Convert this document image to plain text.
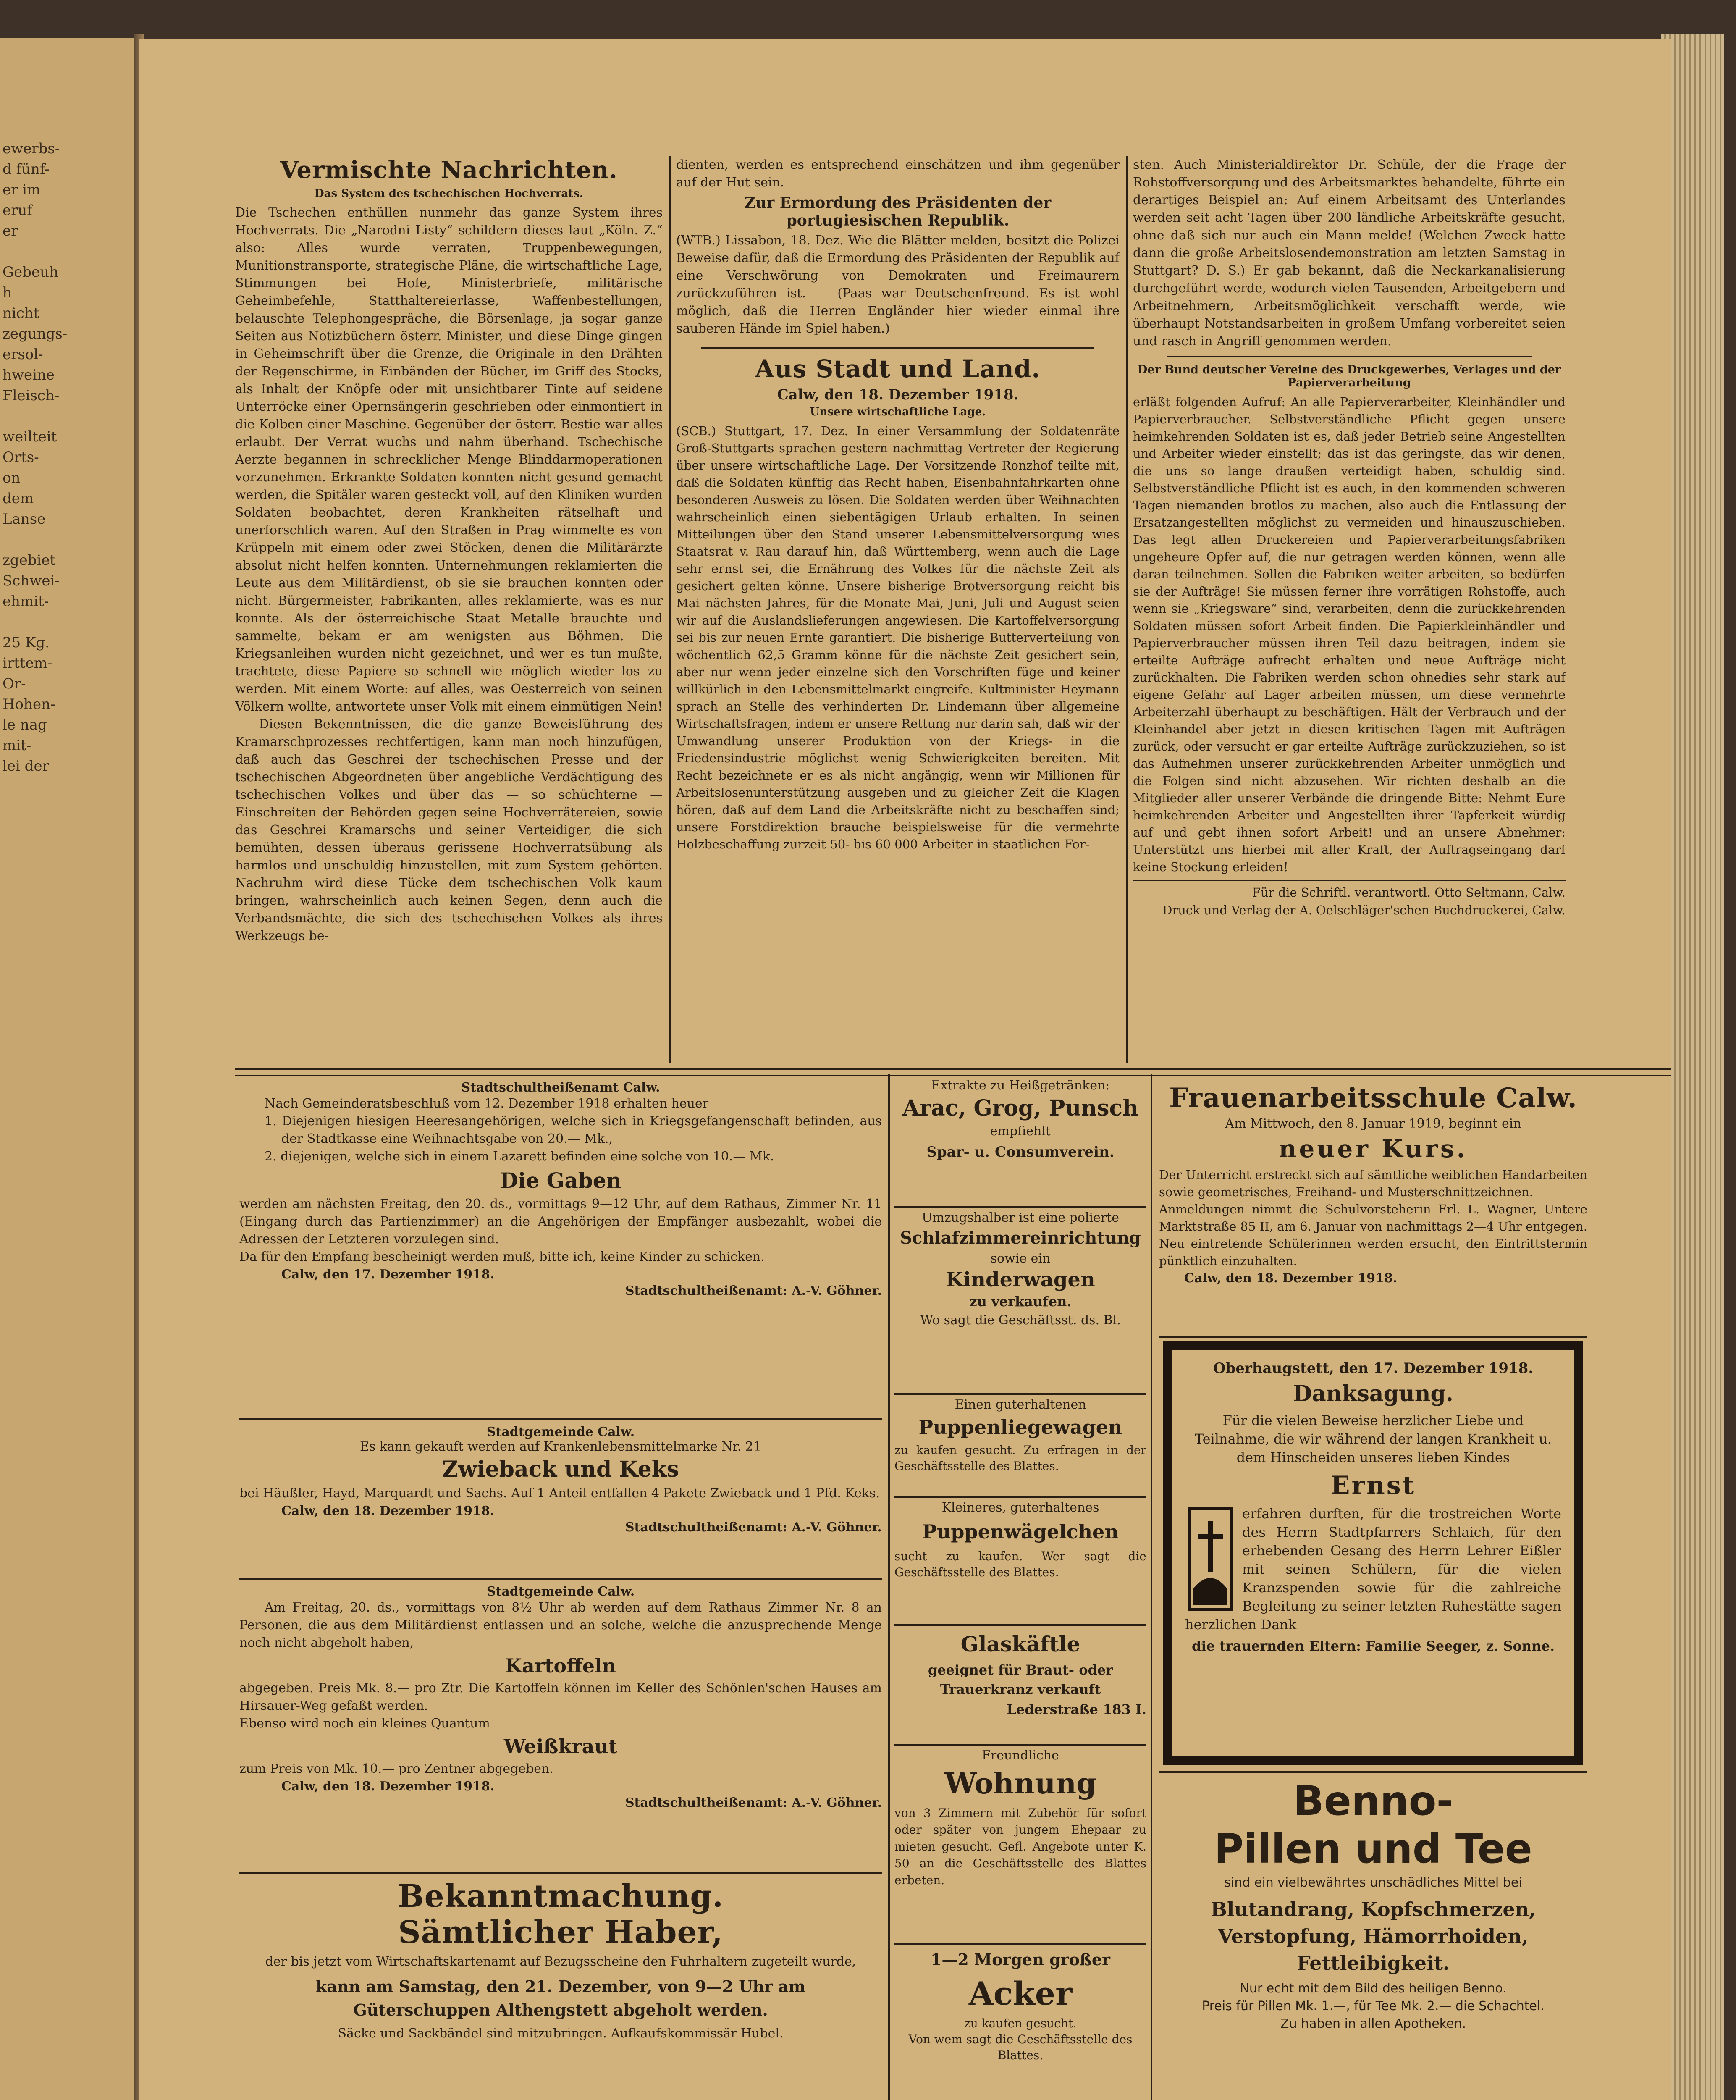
ewerbs-
d fünf-
er im
eruf er

Gebeuh
h nicht
zegungs-
ersol-
hweine
Fleisch-

weilteit
Orts-
on dem
Lanse

zgebiet
Schwei-
ehmit-

25 Kg.
irttem-
Or-
Hohen-
le nag
mit-
lei der

Vermischte Nachrichten.

Das System des tschechischen Hochverrats.

Die Tschechen enthüllen nunmehr das ganze System ihres Hochverrats. Die „Narodni Listy“ schildern dieses laut „Köln. Z.“ also: Alles wurde verraten, Truppenbewegungen, Munitionstransporte, strategische Pläne, die wirtschaftliche Lage, Stimmungen bei Hofe, Ministerbriefe, militärische Geheimbefehle, Statthaltereierlasse, Waffenbestellungen, belauschte Telephongespräche, die Börsenlage, ja sogar ganze Seiten aus Notizbüchern österr. Minister, und diese Dinge gingen in Geheimschrift über die Grenze, die Originale in den Drähten der Regenschirme, in Einbänden der Bücher, im Griff des Stocks, als Inhalt der Knöpfe oder mit unsichtbarer Tinte auf seidene Unterröcke einer Opernsängerin geschrieben oder einmontiert in die Kolben einer Maschine. Gegenüber der österr. Bestie war alles erlaubt. Der Verrat wuchs und nahm überhand. Tschechische Aerzte begannen in schrecklicher Menge Blinddarmoperationen vorzunehmen. Erkrankte Soldaten konnten nicht gesund gemacht werden, die Spitäler waren gesteckt voll, auf den Kliniken wurden Soldaten beobachtet, deren Krankheiten rätselhaft und unerforschlich waren. Auf den Straßen in Prag wimmelte es von Krüppeln mit einem oder zwei Stöcken, denen die Militärärzte absolut nicht helfen konnten. Unternehmungen reklamierten die Leute aus dem Militärdienst, ob sie sie brauchen konnten oder nicht. Bürgermeister, Fabrikanten, alles reklamierte, was es nur konnte. Als der österreichische Staat Metalle brauchte und sammelte, bekam er am wenigsten aus Böhmen. Die Kriegsanleihen wurden nicht gezeichnet, und wer es tun mußte, trachtete, diese Papiere so schnell wie möglich wieder los zu werden. Mit einem Worte: auf alles, was Oesterreich von seinen Völkern wollte, antwortete unser Volk mit einem einmütigen Nein! — Diesen Bekenntnissen, die die ganze Beweisführung des Kramarschprozesses rechtfertigen, kann man noch hinzufügen, daß auch das Geschrei der tschechischen Presse und der tschechischen Abgeordneten über angebliche Verdächtigung des tschechischen Volkes und über das — so schüchterne — Einschreiten der Behörden gegen seine Hochverrätereien, sowie das Geschrei Kramarschs und seiner Verteidiger, die sich bemühten, dessen überaus gerissene Hochverratsübung als harmlos und unschuldig hinzustellen, mit zum System gehörten. Nachruhm wird diese Tücke dem tschechischen Volk kaum bringen, wahrscheinlich auch keinen Segen, denn auch die Verbandsmächte, die sich des tschechischen Volkes als ihres Werkzeugs be-

dienten, werden es entsprechend einschätzen und ihm gegenüber auf der Hut sein.

Zur Ermordung des Präsidenten der portugiesischen Republik.

(WTB.) Lissabon, 18. Dez. Wie die Blätter melden, besitzt die Polizei Beweise dafür, daß die Ermordung des Präsidenten der Republik auf eine Verschwörung von Demokraten und Freimaurern zurückzuführen ist. — (Paas war Deutschenfreund. Es ist wohl möglich, daß die Herren Engländer hier wieder einmal ihre sauberen Hände im Spiel haben.)

Aus Stadt und Land.

Calw, den 18. Dezember 1918.

Unsere wirtschaftliche Lage.

(SCB.) Stuttgart, 17. Dez. In einer Versammlung der Soldatenräte Groß-Stuttgarts sprachen gestern nachmittag Vertreter der Regierung über unsere wirtschaftliche Lage. Der Vorsitzende Ronzhof teilte mit, daß die Soldaten künftig das Recht haben, Eisenbahnfahrkarten ohne besonderen Ausweis zu lösen. Die Soldaten werden über Weihnachten wahrscheinlich einen siebentägigen Urlaub erhalten. In seinen Mitteilungen über den Stand unserer Lebensmittelversorgung wies Staatsrat v. Rau darauf hin, daß Württemberg, wenn auch die Lage sehr ernst sei, die Ernährung des Volkes für die nächste Zeit als gesichert gelten könne. Unsere bisherige Brotversorgung reicht bis Mai nächsten Jahres, für die Monate Mai, Juni, Juli und August seien wir auf die Auslandslieferungen angewiesen. Die Kartoffelversorgung sei bis zur neuen Ernte garantiert. Die bisherige Butterverteilung von wöchentlich 62,5 Gramm könne für die nächste Zeit gesichert sein, aber nur wenn jeder einzelne sich den Vorschriften füge und keiner willkürlich in den Lebensmittelmarkt eingreife. Kultminister Heymann sprach an Stelle des verhinderten Dr. Lindemann über allgemeine Wirtschaftsfragen, indem er unsere Rettung nur darin sah, daß wir der Umwandlung unserer Produktion von der Kriegs- in die Friedensindustrie möglichst wenig Schwierigkeiten bereiten. Mit Recht bezeichnete er es als nicht angängig, wenn wir Millionen für Arbeitslosenunterstützung ausgeben und zu gleicher Zeit die Klagen hören, daß auf dem Land die Arbeitskräfte nicht zu beschaffen sind; unsere Forstdirektion brauche beispielsweise für die vermehrte Holzbeschaffung zurzeit 50- bis 60 000 Arbeiter in staatlichen For-

sten. Auch Ministerialdirektor Dr. Schüle, der die Frage der Rohstoffversorgung und des Arbeitsmarktes behandelte, führte ein derartiges Beispiel an: Auf einem Arbeitsamt des Unterlandes werden seit acht Tagen über 200 ländliche Arbeitskräfte gesucht, ohne daß sich nur auch ein Mann melde! (Welchen Zweck hatte dann die große Arbeitslosendemonstration am letzten Samstag in Stuttgart? D. S.) Er gab bekannt, daß die Neckarkanalisierung durchgeführt werde, wodurch vielen Tausenden, Arbeitgebern und Arbeitnehmern, Arbeitsmöglichkeit verschafft werde, wie überhaupt Notstandsarbeiten in großem Umfang vorbereitet seien und rasch in Angriff genommen werden.

Der Bund deutscher Vereine des Druckgewerbes, Verlages und der Papierverarbeitung

erläßt folgenden Aufruf: An alle Papierverarbeiter, Kleinhändler und Papierverbraucher. Selbstverständliche Pflicht gegen unsere heimkehrenden Soldaten ist es, daß jeder Betrieb seine Angestellten und Arbeiter wieder einstellt; das ist das geringste, das wir denen, die uns so lange draußen verteidigt haben, schuldig sind. Selbstverständliche Pflicht ist es auch, in den kommenden schweren Tagen niemanden brotlos zu machen, also auch die Entlassung der Ersatzangestellten möglichst zu vermeiden und hinauszuschieben. Das legt allen Druckereien und Papierverarbeitungsfabriken ungeheure Opfer auf, die nur getragen werden können, wenn alle daran teilnehmen. Sollen die Fabriken weiter arbeiten, so bedürfen sie der Aufträge! Sie müssen ferner ihre vorrätigen Rohstoffe, auch wenn sie „Kriegsware“ sind, verarbeiten, denn die zurückkehrenden Soldaten müssen sofort Arbeit finden. Die Papierkleinhändler und Papierverbraucher müssen ihren Teil dazu beitragen, indem sie erteilte Aufträge aufrecht erhalten und neue Aufträge nicht zurückhalten. Die Fabriken werden schon ohnedies sehr stark auf eigene Gefahr auf Lager arbeiten müssen, um diese vermehrte Arbeiterzahl überhaupt zu beschäftigen. Hält der Verbrauch und der Kleinhandel aber jetzt in diesen kritischen Tagen mit Aufträgen zurück, oder versucht er gar erteilte Aufträge zurückzuziehen, so ist das Aufnehmen unserer zurückkehrenden Arbeiter unmöglich und die Folgen sind nicht abzusehen. Wir richten deshalb an die Mitglieder aller unserer Verbände die dringende Bitte: Nehmt Eure heimkehrenden Arbeiter und Angestellten ihrer Tapferkeit würdig auf und gebt ihnen sofort Arbeit! und an unsere Abnehmer: Unterstützt uns hierbei mit aller Kraft, der Auftragseingang darf keine Stockung erleiden!

Für die Schriftl. verantwortl. Otto Seltmann, Calw.
Druck und Verlag der A. Oelschläger'schen Buchdruckerei, Calw.

Stadtschultheißenamt Calw.

Nach Gemeinderatsbeschluß vom 12. Dezember 1918 erhalten heuer

1. Diejenigen hiesigen Heeresangehörigen, welche sich in Kriegsgefangenschaft befinden, aus der Stadtkasse eine Weihnachtsgabe von 20.— Mk.,

2. diejenigen, welche sich in einem Lazarett befinden eine solche von 10.— Mk.

Die Gaben

werden am nächsten Freitag, den 20. ds., vormittags 9—12 Uhr, auf dem Rathaus, Zimmer Nr. 11 (Eingang durch das Partienzimmer) an die Angehörigen der Empfänger ausbezahlt, wobei die Adressen der Letzteren vorzulegen sind.
Da für den Empfang bescheinigt werden muß, bitte ich, keine Kinder zu schicken.

Calw, den 17. Dezember 1918.

Stadtschultheißenamt: A.-V. Göhner.

Stadtgemeinde Calw.

Es kann gekauft werden auf Krankenlebensmittelmarke Nr. 21

Zwieback und Keks

bei Häußler, Hayd, Marquardt und Sachs. Auf 1 Anteil entfallen 4 Pakete Zwieback und 1 Pfd. Keks.

Calw, den 18. Dezember 1918.

Stadtschultheißenamt: A.-V. Göhner.

Stadtgemeinde Calw.

Am Freitag, 20. ds., vormittags von 8½ Uhr ab werden auf dem Rathaus Zimmer Nr. 8 an Personen, die aus dem Militärdienst entlassen und an solche, welche die anzusprechende Menge noch nicht abgeholt haben,

Kartoffeln

abgegeben. Preis Mk. 8.— pro Ztr. Die Kartoffeln können im Keller des Schönlen'schen Hauses am Hirsauer-Weg gefaßt werden.
Ebenso wird noch ein kleines Quantum

Weißkraut

zum Preis von Mk. 10.— pro Zentner abgegeben.

Calw, den 18. Dezember 1918.

Stadtschultheißenamt: A.-V. Göhner.

Bekanntmachung.

Sämtlicher Haber,

der bis jetzt vom Wirtschaftskartenamt auf Bezugsscheine den Fuhrhaltern zugeteilt wurde,

kann am Samstag, den 21. Dezember, von 9—2 Uhr am Güterschuppen Althengstett abgeholt werden.

Säcke und Sackbändel sind mitzubringen. Aufkaufskommissär Hubel.

Extrakte zu Heißgetränken:

Arac, Grog, Punsch

empfiehlt

Spar- u. Consumverein.

Umzugshalber ist eine polierte

Schlafzimmereinrichtung

sowie ein

Kinderwagen

zu verkaufen.

Wo sagt die Geschäftsst. ds. Bl.

Einen guterhaltenen

Puppenliegewagen

zu kaufen gesucht. Zu erfragen in der Geschäftsstelle des Blattes.

Kleineres, guterhaltenes

Puppenwägelchen

sucht zu kaufen. Wer sagt die Geschäftsstelle des Blattes.

Glaskäftle

geeignet für Braut- oder Trauerkranz verkauft

Lederstraße 183 I.

Freundliche

Wohnung

von 3 Zimmern mit Zubehör für sofort oder später von jungem Ehepaar zu mieten gesucht. Gefl. Angebote unter K. 50 an die Geschäftsstelle des Blattes erbeten.

1—2 Morgen großer

Acker

zu kaufen gesucht.
Von wem sagt die Geschäftsstelle des Blattes.

Frauenarbeitsschule Calw.

Am Mittwoch, den 8. Januar 1919, beginnt ein

neuer Kurs.

Der Unterricht erstreckt sich auf sämtliche weiblichen Handarbeiten sowie geometrisches, Freihand- und Musterschnittzeichnen.
Anmeldungen nimmt die Schulvorsteherin Frl. L. Wagner, Untere Marktstraße 85 II, am 6. Januar von nachmittags 2—4 Uhr entgegen. Neu eintretende Schülerinnen werden ersucht, den Eintrittstermin pünktlich einzuhalten.

Calw, den 18. Dezember 1918.

Oberhaugstett, den 17. Dezember 1918.

Danksagung.

Für die vielen Beweise herzlicher Liebe und Teilnahme, die wir während der langen Krankheit u. dem Hinscheiden unseres lieben Kindes

Ernst

erfahren durften, für die trostreichen Worte des Herrn Stadtpfarrers Schlaich, für den erhebenden Gesang des Herrn Lehrer Eißler mit seinen Schülern, für die vielen Kranzspenden sowie für die zahlreiche Begleitung zu seiner letzten Ruhestätte sagen herzlichen Dank

die trauernden Eltern: Familie Seeger, z. Sonne.

Benno-

Pillen und Tee

sind ein vielbewährtes unschädliches Mittel bei

Blutandrang, Kopfschmerzen,
Verstopfung, Hämorrhoiden,
Fettleibigkeit.

Nur echt mit dem Bild des heiligen Benno.
Preis für Pillen Mk. 1.—, für Tee Mk. 2.— die Schachtel.
Zu haben in allen Apotheken.
